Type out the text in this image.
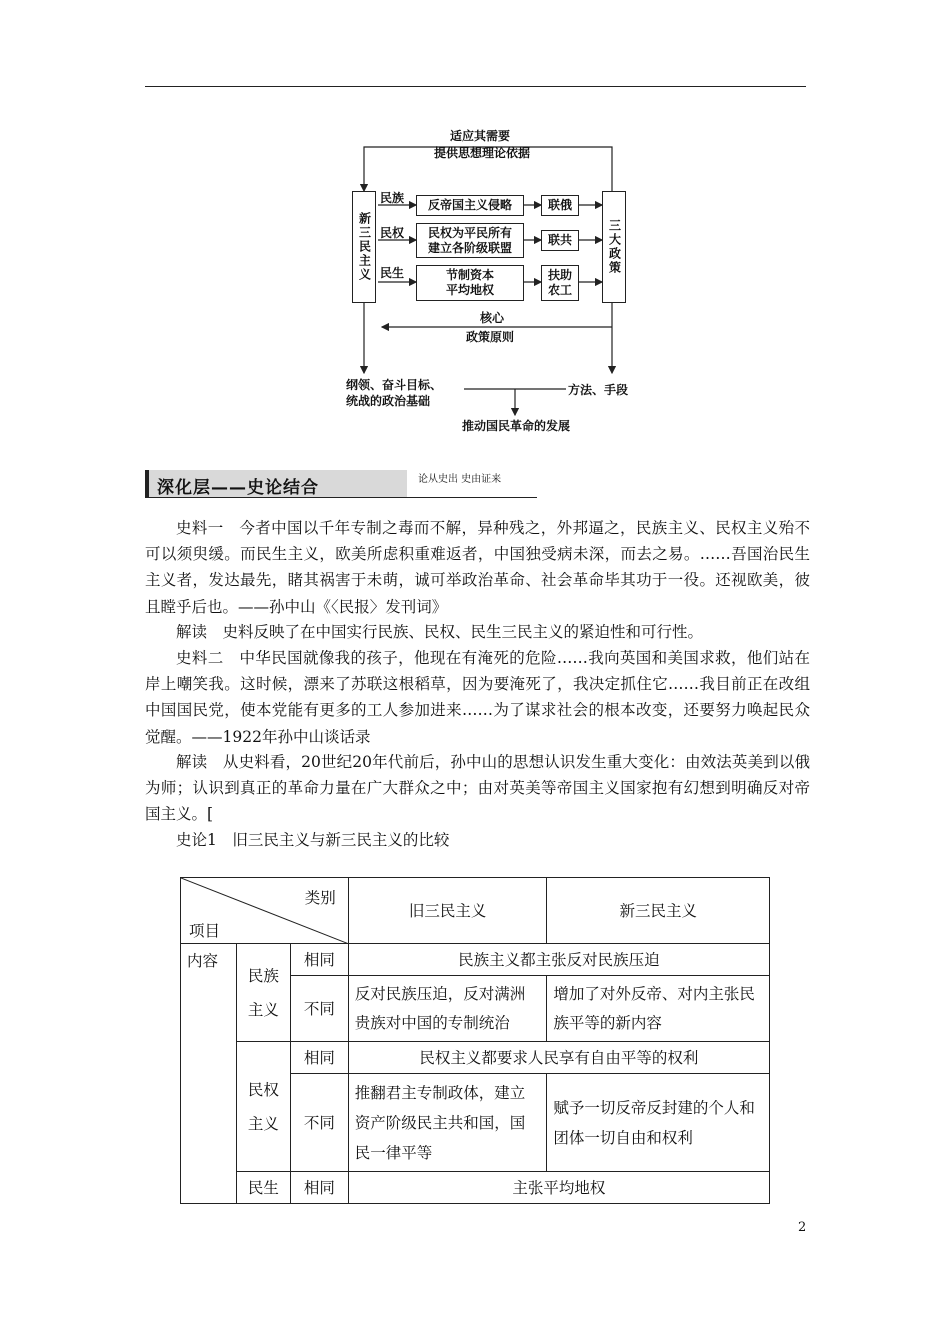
适应其需要
提供思想理论依据
新三民主义	三大政策
民族
民权
民生
反帝国主义侵略
民权为平民所有
建立各阶级联盟
节制资本
平均地权
联俄
联共
扶助
农工
核心
政策原则
纲领、奋斗目标、
统战的政治基础
方法、手段
推动国民革命的发展
深化层——史论结合	论从史出 史由证来
史料一　今者中国以千年专制之毒而不解，异种残之，外邦逼之，民族主义、民权主义殆不可以须臾缓。而民生主义，欧美所虑积重难返者，中国独受病未深，而去之易。……吾国治民生主义者，发达最先，睹其祸害于未萌，诚可举政治革命、社会革命毕其功于一役。还视欧美，彼且瞠乎后也。——孙中山《〈民报〉发刊词》
解读　史料反映了在中国实行民族、民权、民生三民主义的紧迫性和可行性。
史料二　中华民国就像我的孩子，他现在有淹死的危险……我向英国和美国求救，他们站在岸上嘲笑我。这时候，漂来了苏联这根稻草，因为要淹死了，我决定抓住它……我目前正在改组中国国民党，使本党能有更多的工人参加进来……为了谋求社会的根本改变，还要努力唤起民众觉醒。——1922年孙中山谈话录
解读　从史料看，20世纪20年代前后，孙中山的思想认识发生重大变化：由效法英美到以俄为师；认识到真正的革命力量在广大群众之中；由对英美等帝国主义国家抱有幻想到明确反对帝国主义。[
史论1　旧三民主义与新三民主义的比较
类别
项目			旧三民主义	新三民主义
内容	民族主义	相同	民族主义都主张反对民族压迫	
		不同	反对民族压迫，反对满洲贵族对中国的专制统治	增加了对外反帝、对内主张民族平等的新内容
	民权主义	相同	民权主义都要求人民享有自由平等的权利	
		不同	推翻君主专制政体，建立资产阶级民主共和国，国民一律平等	赋予一切反帝反封建的个人和团体一切自由和权利
	民生	相同	主张平均地权	
2
